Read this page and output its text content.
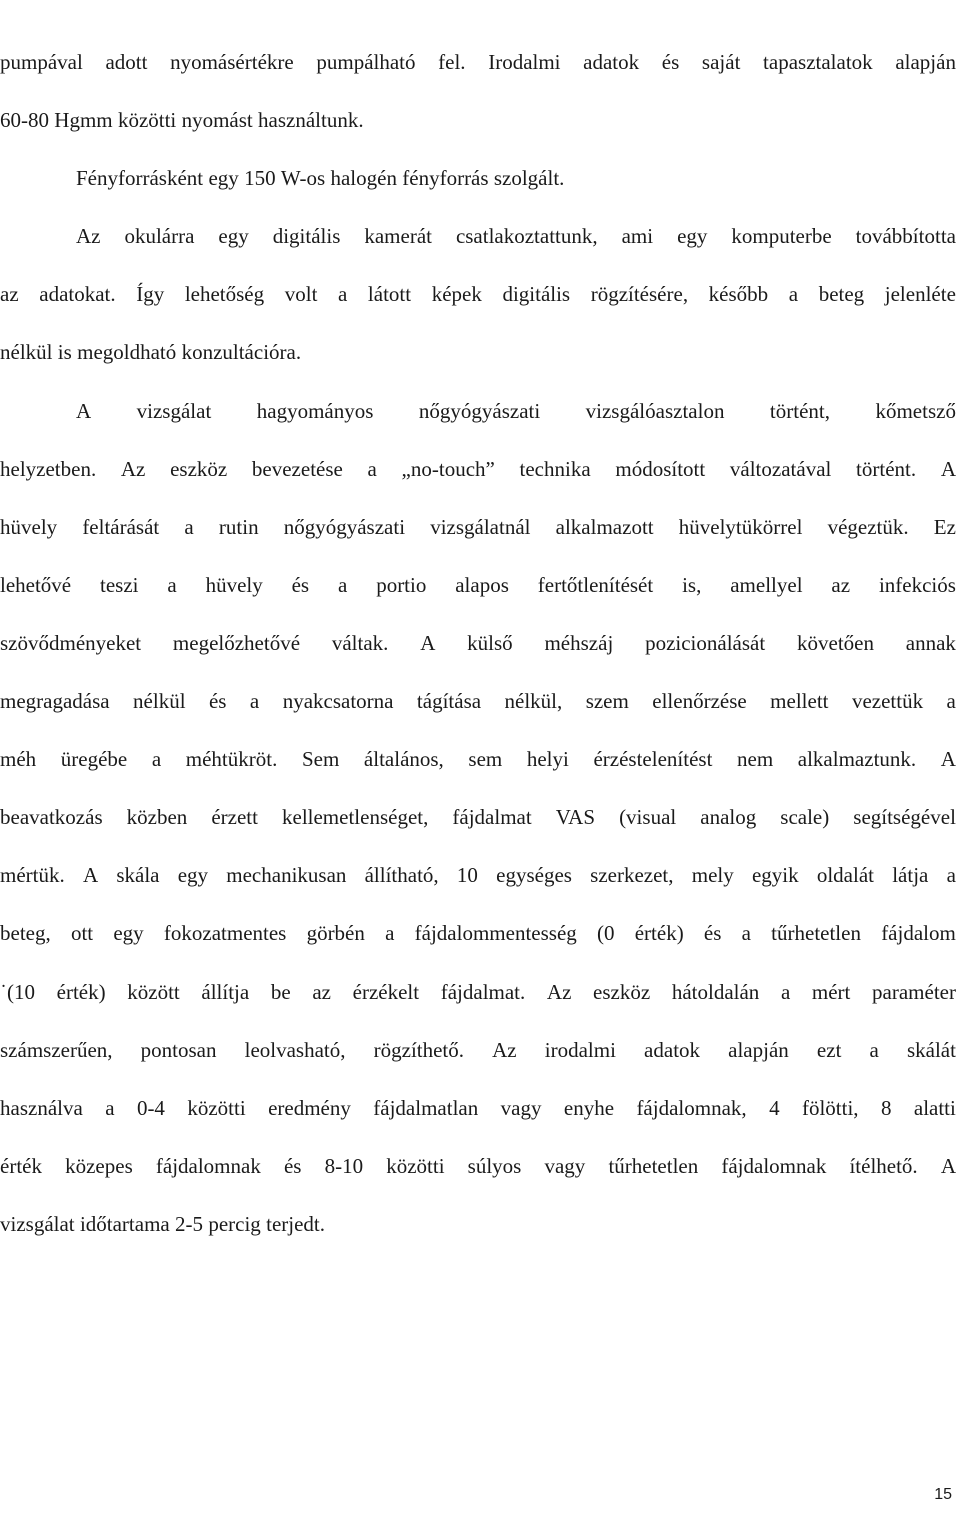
pumpával adott nyomásértékre pumpálható fel. Irodalmi adatok és saját tapasztalatok alapján
60-80 Hgmm közötti nyomást használtunk.
Fényforrásként egy 150 W-os halogén fényforrás szolgált.
Az okulárra egy digitális kamerát csatlakoztattunk, ami egy komputerbe továbbította
az adatokat. Így lehetőség volt a látott képek digitális rögzítésére, később a beteg jelenléte
nélkül is megoldható konzultációra.
A vizsgálat hagyományos nőgyógyászati vizsgálóasztalon történt, kőmetsző
helyzetben. Az eszköz bevezetése a „no-touch” technika módosított változatával történt. A
hüvely feltárását a rutin nőgyógyászati vizsgálatnál alkalmazott hüvelytükörrel végeztük. Ez
lehetővé teszi a hüvely és a portio alapos fertőtlenítését is, amellyel az infekciós
szövődményeket megelőzhetővé váltak. A külső méhszáj pozicionálását követően annak
megragadása nélkül és a nyakcsatorna tágítása nélkül, szem ellenőrzése mellett vezettük a
méh üregébe a méhtükröt. Sem általános, sem helyi érzéstelenítést nem alkalmaztunk. A
beavatkozás közben érzett kellemetlenséget, fájdalmat VAS (visual analog scale) segítségével
mértük. A skála egy mechanikusan állítható, 10 egységes szerkezet, mely egyik oldalát látja a
beteg, ott egy fokozatmentes görbén a fájdalommentesség (0 érték) és a tűrhetetlen fájdalom
˙(10 érték) között állítja be az érzékelt fájdalmat. Az eszköz hátoldalán a mért paraméter
számszerűen, pontosan leolvasható, rögzíthető. Az irodalmi adatok alapján ezt a skálát
használva a 0-4 közötti eredmény fájdalmatlan vagy enyhe fájdalomnak, 4 fölötti, 8 alatti
érték közepes fájdalomnak és 8-10 közötti súlyos vagy tűrhetetlen fájdalomnak ítélhető. A
vizsgálat időtartama 2-5 percig terjedt.
15
